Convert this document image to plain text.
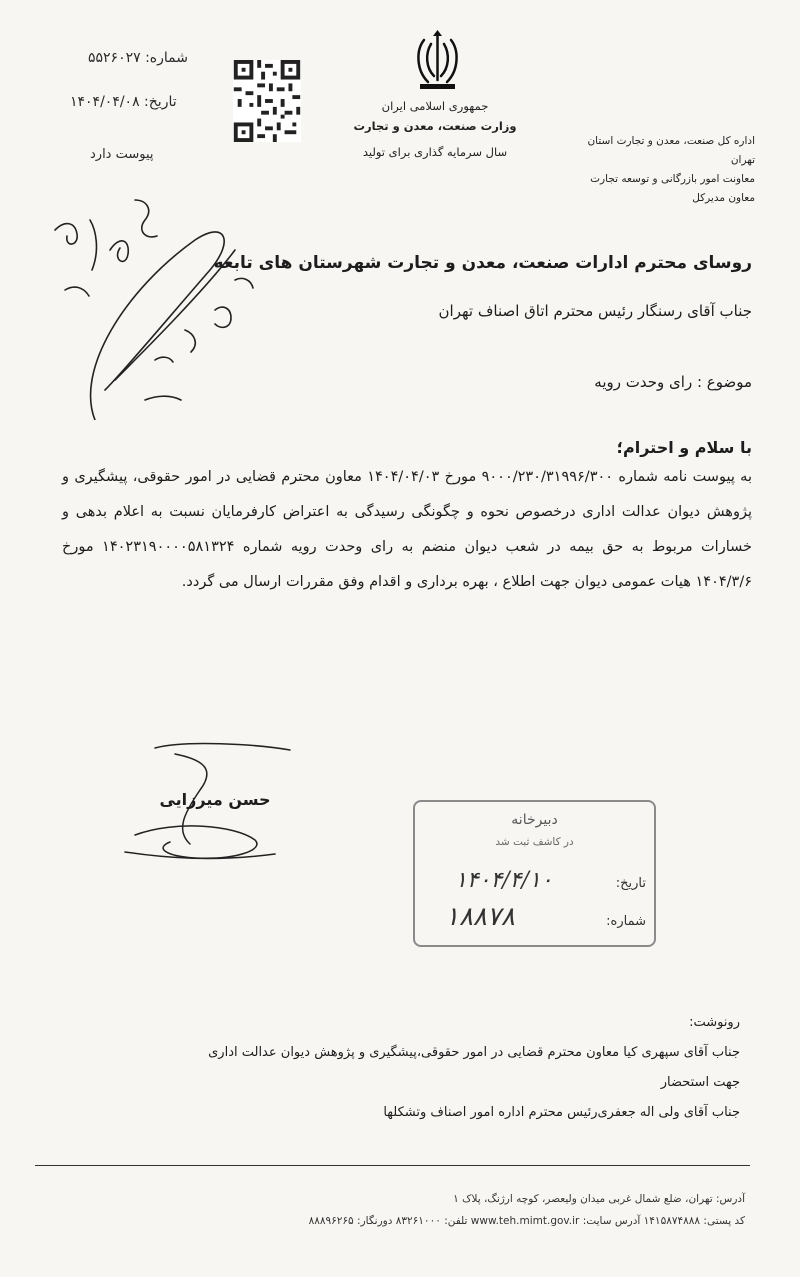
شماره: ۵۵۲۶۰۲۷
تاریخ: ۱۴۰۴/۰۴/۰۸
پیوست دارد
جمهوری اسلامی ایران
وزارت صنعت، معدن و تجارت
سال سرمایه گذاری برای تولید
اداره کل صنعت، معدن و تجارت استان تهران
معاونت امور بازرگانی و توسعه تجارت
معاون مدیرکل
روسای محترم ادارات صنعت، معدن و تجارت شهرستان های تابعه
جناب آقای رسنگار رئیس محترم اتاق اصناف تهران
موضوع : رای وحدت رویه
با سلام و احترام؛
به پیوست نامه شماره ۹۰۰۰/۲۳۰/۳۱۹۹۶/۳۰۰ مورخ ۱۴۰۴/۰۴/۰۳ معاون محترم قضایی در امور حقوقی، پیشگیری و پژوهش دیوان عدالت اداری درخصوص نحوه و چگونگی رسیدگی به اعتراض کارفرمایان نسبت به اعلام بدهی و خسارات مربوط به حق بیمه در شعب دیوان منضم به رای وحدت رویه شماره ۱۴۰۲۳۱۹۰۰۰۰۵۸۱۳۲۴ مورخ ۱۴۰۴/۳/۶ هیات عمومی دیوان جهت اطلاع ، بهره برداری و اقدام وفق مقررات ارسال می گردد.
حسن میرزایی
دبیرخانه
در کاشف ثبت شد
تاریخ:
۱۴۰۴/۴/۱۰
شماره:
۱۸۸۷۸
رونوشت:
جناب آقای سپهری کیا معاون محترم قضایی در امور حقوقی،پیشگیری و پژوهش دیوان عدالت اداری
جهت استحضار
جناب آقای ولی اله جعفری‌رئیس محترم اداره امور اصناف وتشکلها
آدرس: تهران، ضلع شمال غربی میدان ولیعصر، کوچه ارژنگ، پلاک ۱
کد پستی: ۱۴۱۵۸۷۴۸۸۸ آدرس سایت: www.teh.mimt.gov.ir تلفن: ۸۳۲۶۱۰۰۰ دورنگار: ۸۸۸۹۶۲۶۵
